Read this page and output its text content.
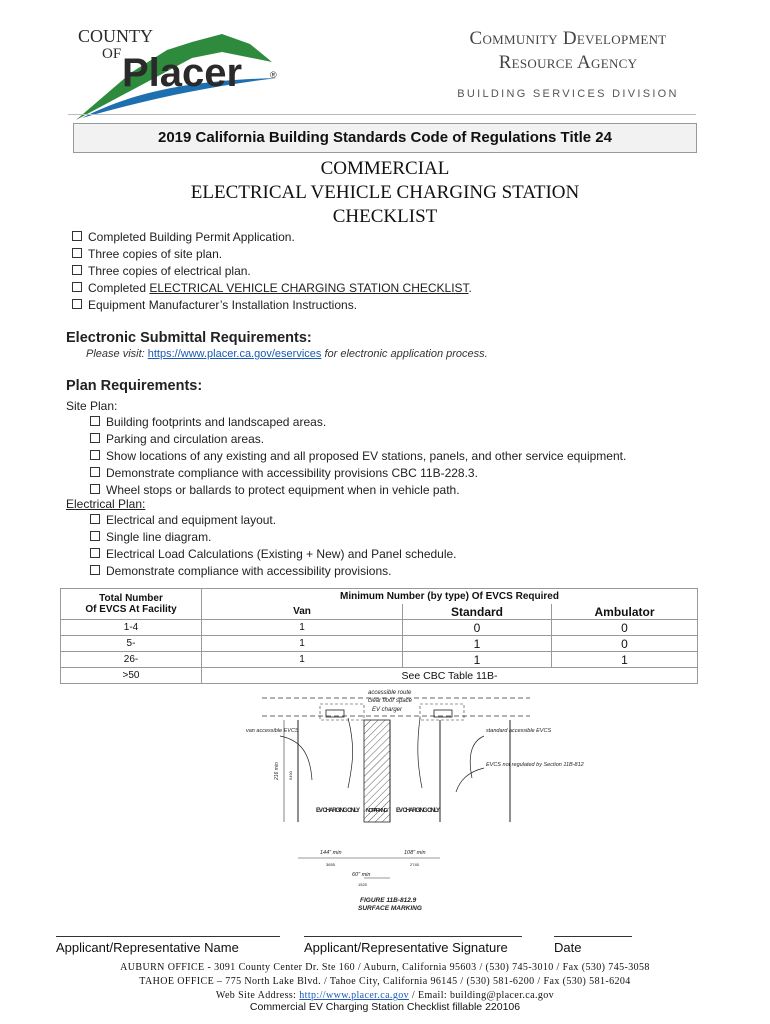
COUNTY
OF Placer	®
Community Development
Resource Agency
BUILDING SERVICES DIVISION
2019 California Building Standards Code of Regulations Title 24
COMMERCIAL
ELECTRICAL VEHICLE CHARGING STATION
CHECKLIST
Completed Building Permit Application.
Three copies of site plan.
Three copies of electrical plan.
Completed ELECTRICAL VEHICLE CHARGING STATION CHECKLIST.
Equipment Manufacturer’s Installation Instructions.
Electronic Submittal Requirements:
Please visit: https://www.placer.ca.gov/eservices for electronic application process.
Plan Requirements:
Site Plan:
Building footprints and landscaped areas.
Parking and circulation areas.
Show locations of any existing and all proposed EV stations, panels, and other service equipment.
Demonstrate compliance with accessibility provisions CBC 11B-228.3.
Wheel stops or ballards to protect equipment when in vehicle path.
Electrical Plan:
Electrical and equipment layout.
Single line diagram.
Electrical Load Calculations (Existing + New) and Panel schedule.
Demonstrate compliance with accessibility provisions.
Total Number
Of EVCS At Facility	Minimum Number (by type) Of EVCS Required		
	Van	Standard	Ambulator
1-4	1	0	0
5-	1	1	0
26-	1	1	1
>50	See CBC Table 11B-		
accessible route
clear floor space
EV charger
216 min 5490
van accessible EVCS	standard accessible EVCS
EVCS not regulated by Section 11B-812
EV CHARGING ONLY NO PARKING EV CHARGING ONLY
144" min
3655
108" min
2745
60" min
1525
FIGURE 11B-812.9
SURFACE MARKING
Applicant/Representative Name	Applicant/Representative Signature	Date
AUBURN OFFICE - 3091 County Center Dr. Ste 160 / Auburn, California 95603 / (530) 745-3010 / Fax (530) 745-3058
TAHOE OFFICE – 775 North Lake Blvd. / Tahoe City, California 96145 / (530) 581-6200 / Fax (530) 581-6204
Web Site Address: http://www.placer.ca.gov / Email: building@placer.ca.gov
Commercial EV Charging Station Checklist fillable 220106
